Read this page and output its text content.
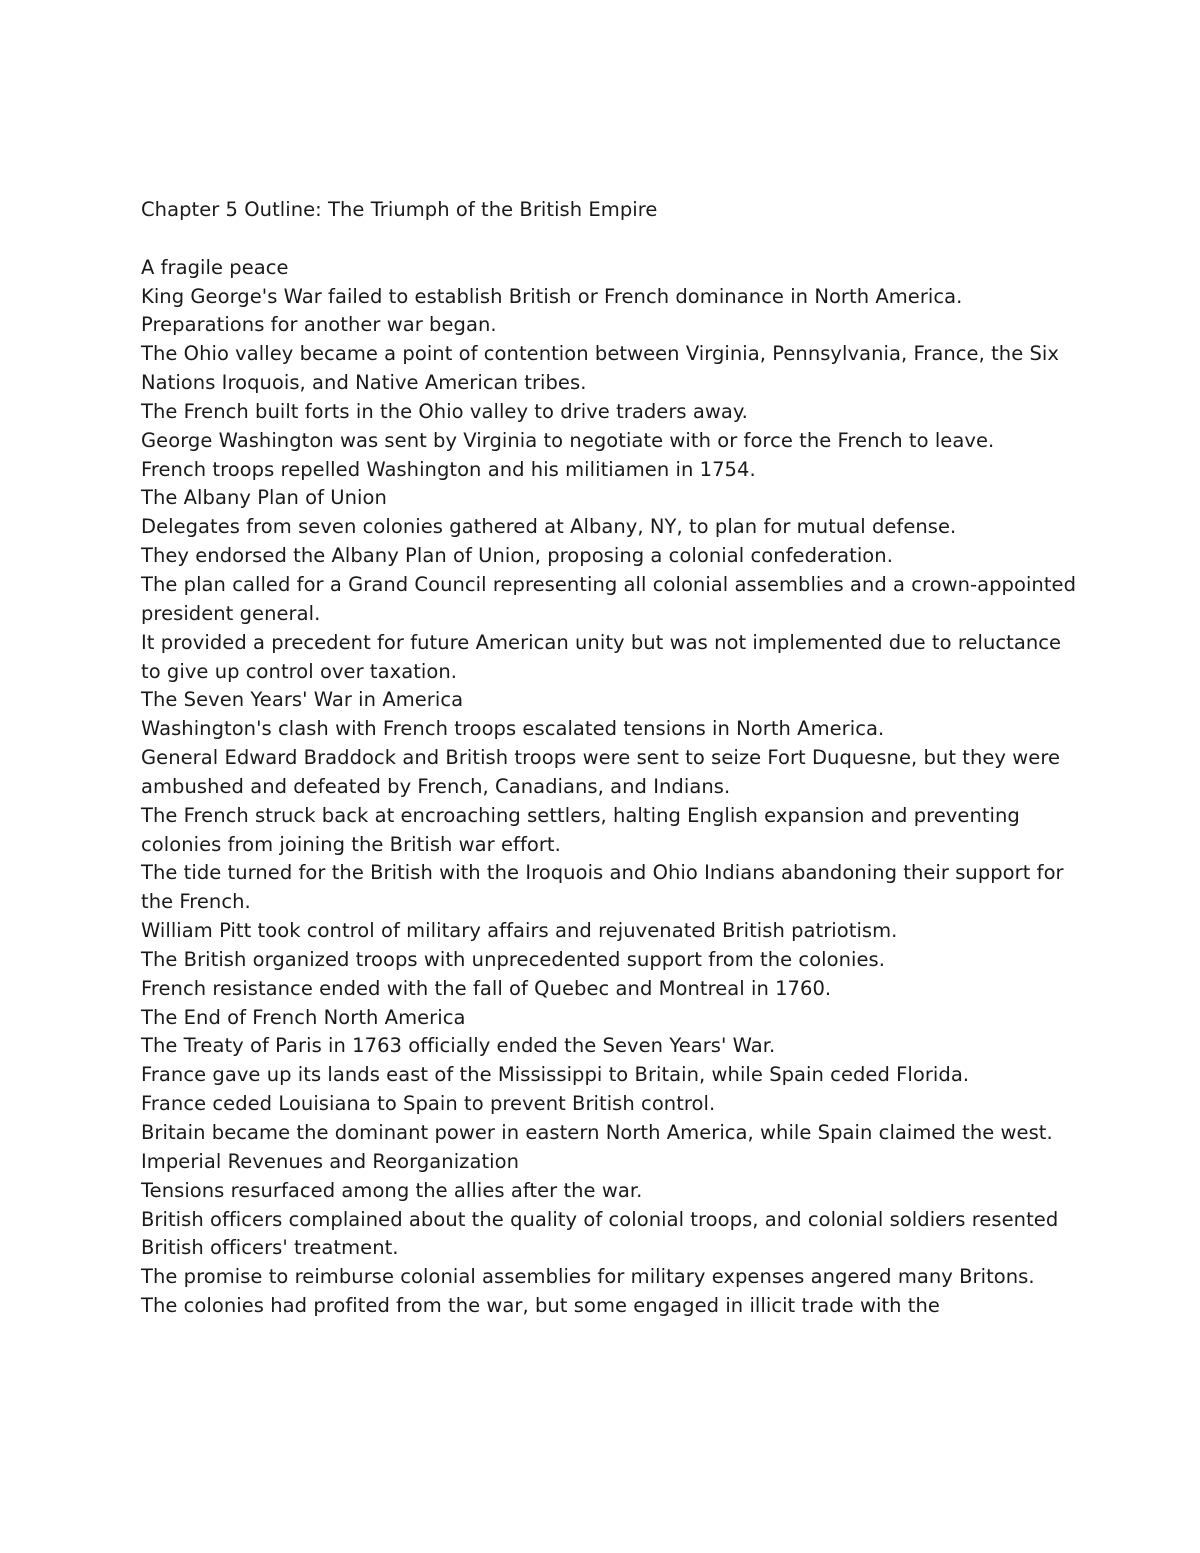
Chapter 5 Outline: The Triumph of the British Empire

A fragile peace

King George's War failed to establish British or French dominance in North America.

Preparations for another war began.

The Ohio valley became a point of contention between Virginia, Pennsylvania, France, the Six Nations Iroquois, and Native American tribes.

The French built forts in the Ohio valley to drive traders away.

George Washington was sent by Virginia to negotiate with or force the French to leave.

French troops repelled Washington and his militiamen in 1754.

The Albany Plan of Union

Delegates from seven colonies gathered at Albany, NY, to plan for mutual defense.

They endorsed the Albany Plan of Union, proposing a colonial confederation.

The plan called for a Grand Council representing all colonial assemblies and a crown-appointed president general.

It provided a precedent for future American unity but was not implemented due to reluctance to give up control over taxation.

The Seven Years' War in America

Washington's clash with French troops escalated tensions in North America.

General Edward Braddock and British troops were sent to seize Fort Duquesne, but they were ambushed and defeated by French, Canadians, and Indians.

The French struck back at encroaching settlers, halting English expansion and preventing colonies from joining the British war effort.

The tide turned for the British with the Iroquois and Ohio Indians abandoning their support for the French.

William Pitt took control of military affairs and rejuvenated British patriotism.

The British organized troops with unprecedented support from the colonies.

French resistance ended with the fall of Quebec and Montreal in 1760.

The End of French North America

The Treaty of Paris in 1763 officially ended the Seven Years' War.

France gave up its lands east of the Mississippi to Britain, while Spain ceded Florida.

France ceded Louisiana to Spain to prevent British control.

Britain became the dominant power in eastern North America, while Spain claimed the west.

Imperial Revenues and Reorganization

Tensions resurfaced among the allies after the war.

British officers complained about the quality of colonial troops, and colonial soldiers resented British officers' treatment.

The promise to reimburse colonial assemblies for military expenses angered many Britons.

The colonies had profited from the war, but some engaged in illicit trade with the
